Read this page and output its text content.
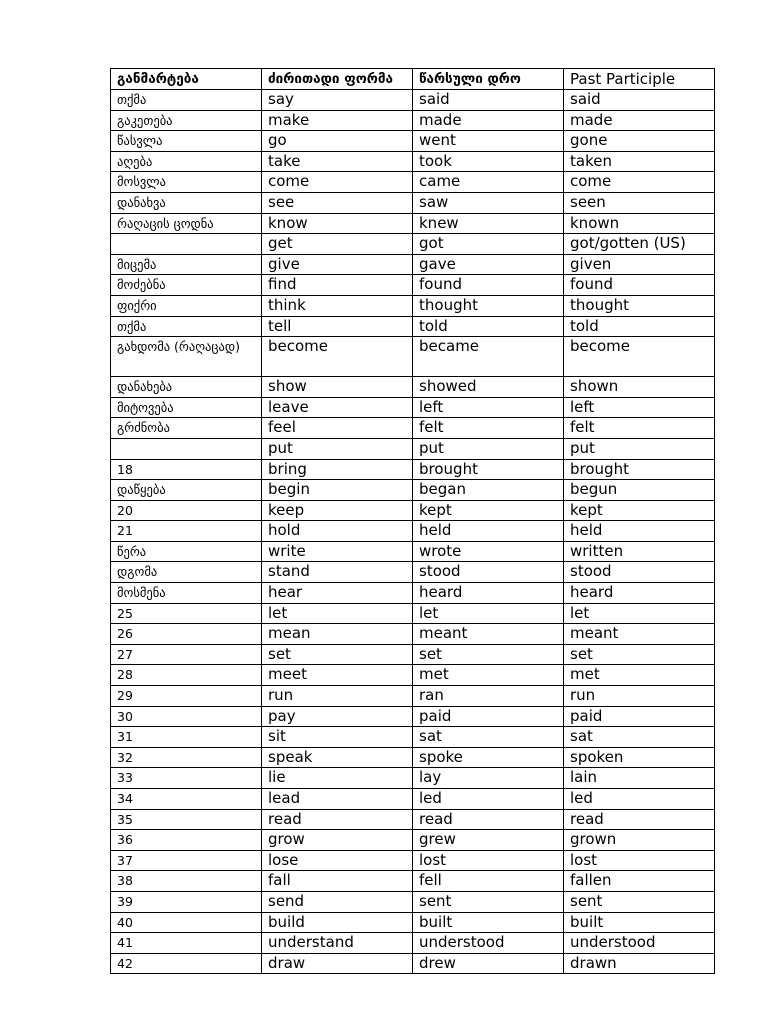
განმარტება	ძირითადი ფორმა	წარსული დრო	Past Participle
თქმა	say	said	said
გაკეთება	make	made	made
წასვლა	go	went	gone
აღება	take	took	taken
მოსვლა	come	came	come
დანახვა	see	saw	seen
რაღაცის ცოდნა	know	knew	known
	get	got	got/gotten (US)
მიცემა	give	gave	given
მოძებნა	find	found	found
ფიქრი	think	thought	thought
თქმა	tell	told	told
გახდომა (რაღაცად)	become	became	become
დანახება	show	showed	shown
მიტოვება	leave	left	left
გრძნობა	feel	felt	felt
	put	put	put
18	bring	brought	brought
დაწყება	begin	began	begun
20	keep	kept	kept
21	hold	held	held
წერა	write	wrote	written
დგომა	stand	stood	stood
მოსმენა	hear	heard	heard
25	let	let	let
26	mean	meant	meant
27	set	set	set
28	meet	met	met
29	run	ran	run
30	pay	paid	paid
31	sit	sat	sat
32	speak	spoke	spoken
33	lie	lay	lain
34	lead	led	led
35	read	read	read
36	grow	grew	grown
37	lose	lost	lost
38	fall	fell	fallen
39	send	sent	sent
40	build	built	built
41	understand	understood	understood
42	draw	drew	drawn
